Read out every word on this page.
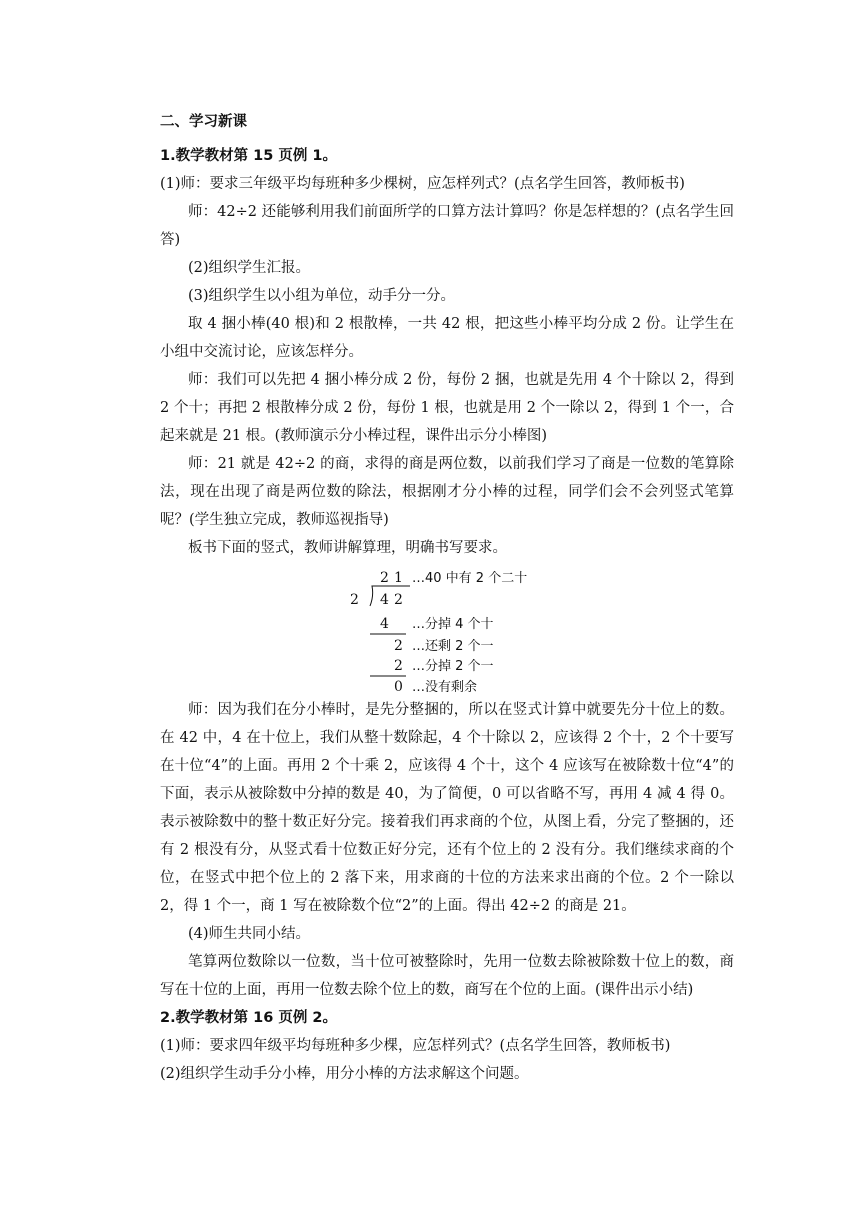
二、学习新课

1.教学教材第 15 页例 1。

(1)师：要求三年级平均每班种多少棵树，应怎样列式？(点名学生回答，教师板书)

师：42÷2 还能够利用我们前面所学的口算方法计算吗？你是怎样想的？(点名学生回答)

(2)组织学生汇报。

(3)组织学生以小组为单位，动手分一分。

取 4 捆小棒(40 根)和 2 根散棒，一共 42 根，把这些小棒平均分成 2 份。让学生在小组中交流讨论，应该怎样分。

师：我们可以先把 4 捆小棒分成 2 份，每份 2 捆，也就是先用 4 个十除以 2，得到 2 个十；再把 2 根散棒分成 2 份，每份 1 根，也就是用 2 个一除以 2，得到 1 个一，合起来就是 21 根。(教师演示分小棒过程，课件出示分小棒图)

师：21 就是 42÷2 的商，求得的商是两位数，以前我们学习了商是一位数的笔算除法，现在出现了商是两位数的除法，根据刚才分小棒的过程，同学们会不会列竖式笔算呢？(学生独立完成，教师巡视指导)

板书下面的竖式，教师讲解算理，明确书写要求。

2 1 …40 中有 2 个二十
2 4 2
4 …分掉 4 个十
2 …还剩 2 个一
2 …分掉 2 个一
0 …没有剩余

师：因为我们在分小棒时，是先分整捆的，所以在竖式计算中就要先分十位上的数。在 42 中，4 在十位上，我们从整十数除起，4 个十除以 2，应该得 2 个十，2 个十要写在十位“4”的上面。再用 2 个十乘 2，应该得 4 个十，这个 4 应该写在被除数十位“4”的下面，表示从被除数中分掉的数是 40，为了简便，0 可以省略不写，再用 4 减 4 得 0。表示被除数中的整十数正好分完。接着我们再求商的个位，从图上看，分完了整捆的，还有 2 根没有分，从竖式看十位数正好分完，还有个位上的 2 没有分。我们继续求商的个位，在竖式中把个位上的 2 落下来，用求商的十位的方法来求出商的个位。2 个一除以 2，得 1 个一，商 1 写在被除数个位“2”的上面。得出 42÷2 的商是 21。

(4)师生共同小结。

笔算两位数除以一位数，当十位可被整除时，先用一位数去除被除数十位上的数，商写在十位的上面，再用一位数去除个位上的数，商写在个位的上面。(课件出示小结)

2.教学教材第 16 页例 2。

(1)师：要求四年级平均每班种多少棵，应怎样列式？(点名学生回答，教师板书)

(2)组织学生动手分小棒，用分小棒的方法求解这个问题。
